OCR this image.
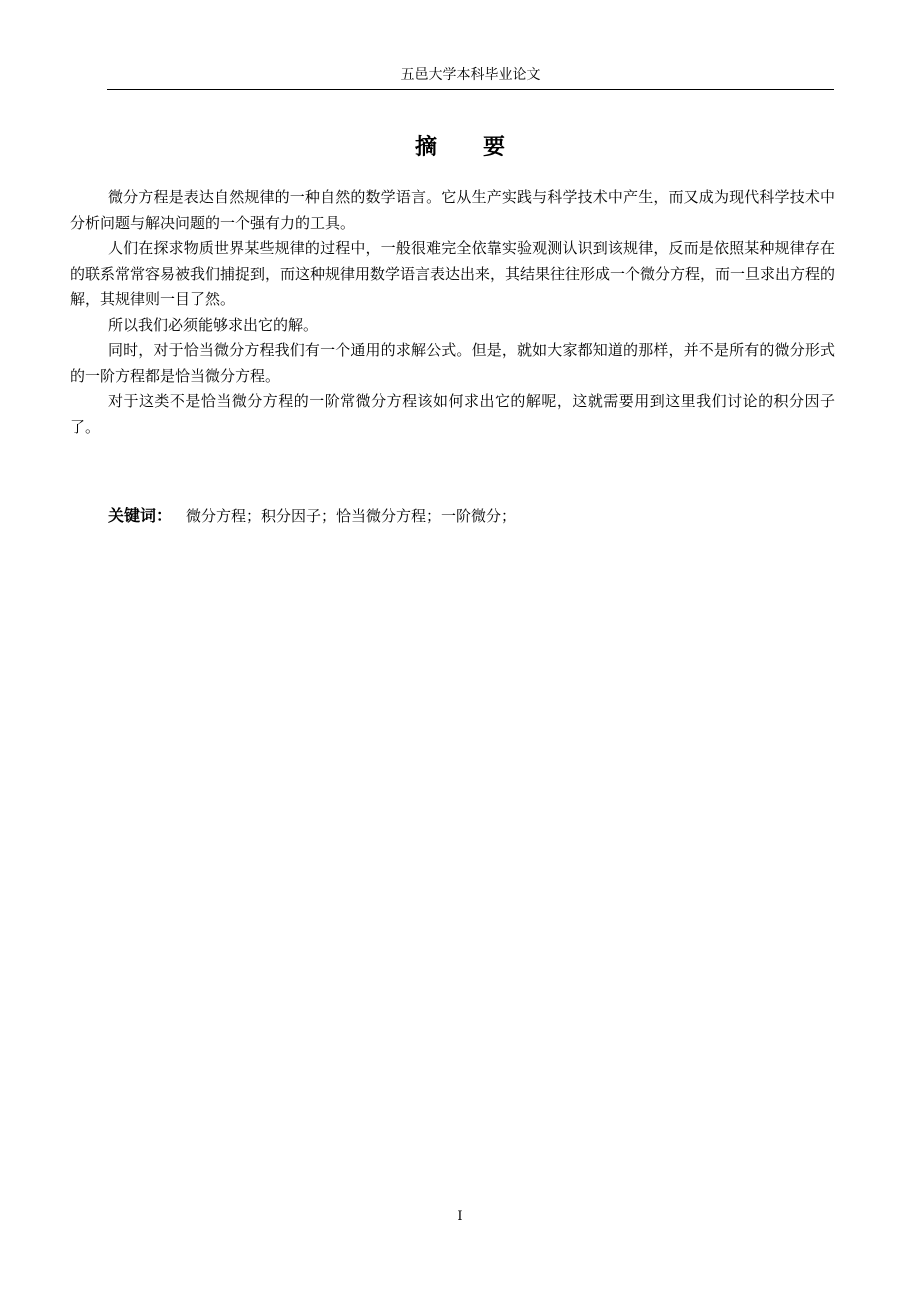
五邑大学本科毕业论文
摘 要

微分方程是表达自然规律的一种自然的数学语言。它从生产实践与科学技术中产生，而又成为现代科学技术中分析问题与解决问题的一个强有力的工具。

人们在探求物质世界某些规律的过程中，一般很难完全依靠实验观测认识到该规律，反而是依照某种规律存在的联系常常容易被我们捕捉到，而这种规律用数学语言表达出来，其结果往往形成一个微分方程，而一旦求出方程的解，其规律则一目了然。

所以我们必须能够求出它的解。

同时，对于恰当微分方程我们有一个通用的求解公式。但是，就如大家都知道的那样，并不是所有的微分形式的一阶方程都是恰当微分方程。

对于这类不是恰当微分方程的一阶常微分方程该如何求出它的解呢，这就需要用到这里我们讨论的积分因子了。

关键词： 微分方程；积分因子；恰当微分方程；一阶微分；
I
